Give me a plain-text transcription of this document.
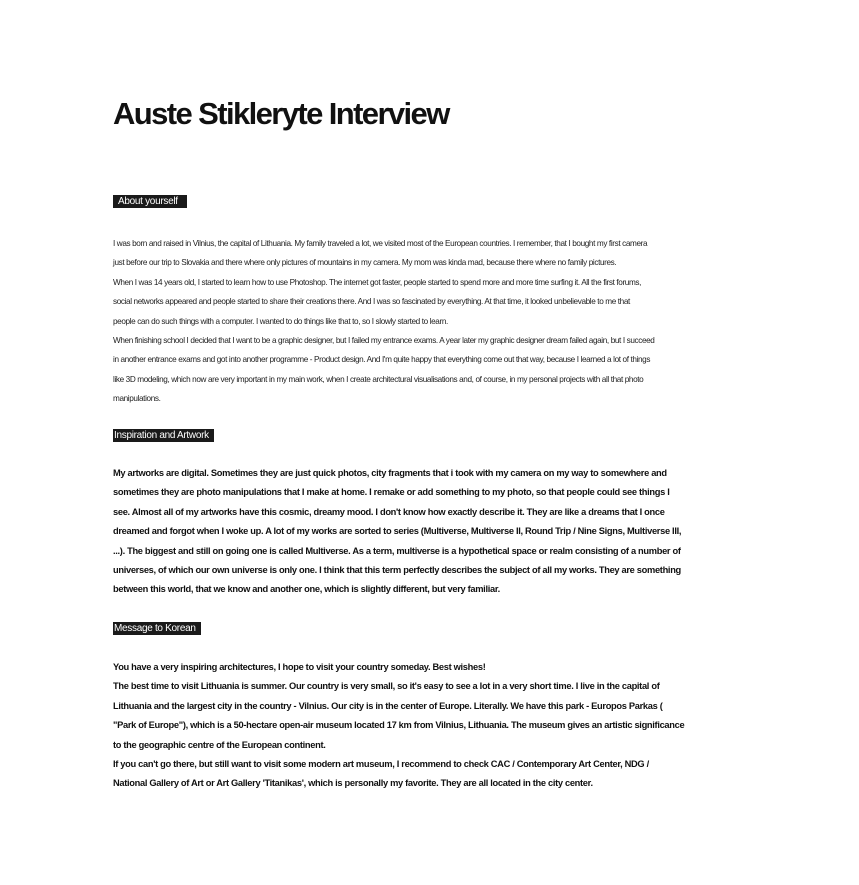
Auste Stikleryte Interview
About yourself

I was born and raised in Vilnius, the capital of Lithuania. My family traveled a lot, we visited most of the European countries. I remember, that I bought my first camera

just before our trip to Slovakia and there where only pictures of mountains in my camera. My mom was kinda mad, because there where no family pictures.

When I was 14 years old, I started to learn how to use Photoshop. The internet got faster, people started to spend more and more time surfing it. All the first forums,

social networks appeared and people started to share their creations there. And I was so fascinated by everything. At that time, it looked unbelievable to me that

people can do such things with a computer. I wanted to do things like that to, so I slowly started to learn.

When finishing school I decided that I want to be a graphic designer, but I failed my entrance exams. A year later my graphic designer dream failed again, but I succeed

in another entrance exams and got into another programme - Product design. And I'm quite happy that everything come out that way, because I learned a lot of things

like 3D modeling, which now are very important in my main work, when I create architectural visualisations and, of course, in my personal projects with all that photo

manipulations.

Inspiration and Artwork

My artworks are digital. Sometimes they are just quick photos, city fragments that i took with my camera on my way to somewhere and

sometimes they are photo manipulations that I make at home. I remake or add something to my photo, so that people could see things I

see. Almost all of my artworks have this cosmic, dreamy mood. I don't know how exactly describe it. They are like a dreams that I once

dreamed and forgot when I woke up. A lot of my works are sorted to series (Multiverse, Multiverse II, Round Trip / Nine Signs, Multiverse III,

...). The biggest and still on going one is called Multiverse. As a term, multiverse is a hypothetical space or realm consisting of a number of

universes, of which our own universe is only one. I think that this term perfectly describes the subject of all my works. They are something

between this world, that we know and another one, which is slightly different, but very familiar.

Message to Korean

You have a very inspiring architectures, I hope to visit your country someday. Best wishes!

The best time to visit Lithuania is summer. Our country is very small, so it's easy to see a lot in a very short time. I live in the capital of

Lithuania and the largest city in the country - Vilnius. Our city is in the center of Europe. Literally. We have this park - Europos Parkas (

"Park of Europe"), which is a 50-hectare open-air museum located 17 km from Vilnius, Lithuania. The museum gives an artistic significance

to the geographic centre of the European continent.

If you can't go there, but still want to visit some modern art museum, I recommend to check CAC / Contemporary Art Center, NDG /

National Gallery of Art or Art Gallery 'Titanikas', which is personally my favorite. They are all located in the city center.
